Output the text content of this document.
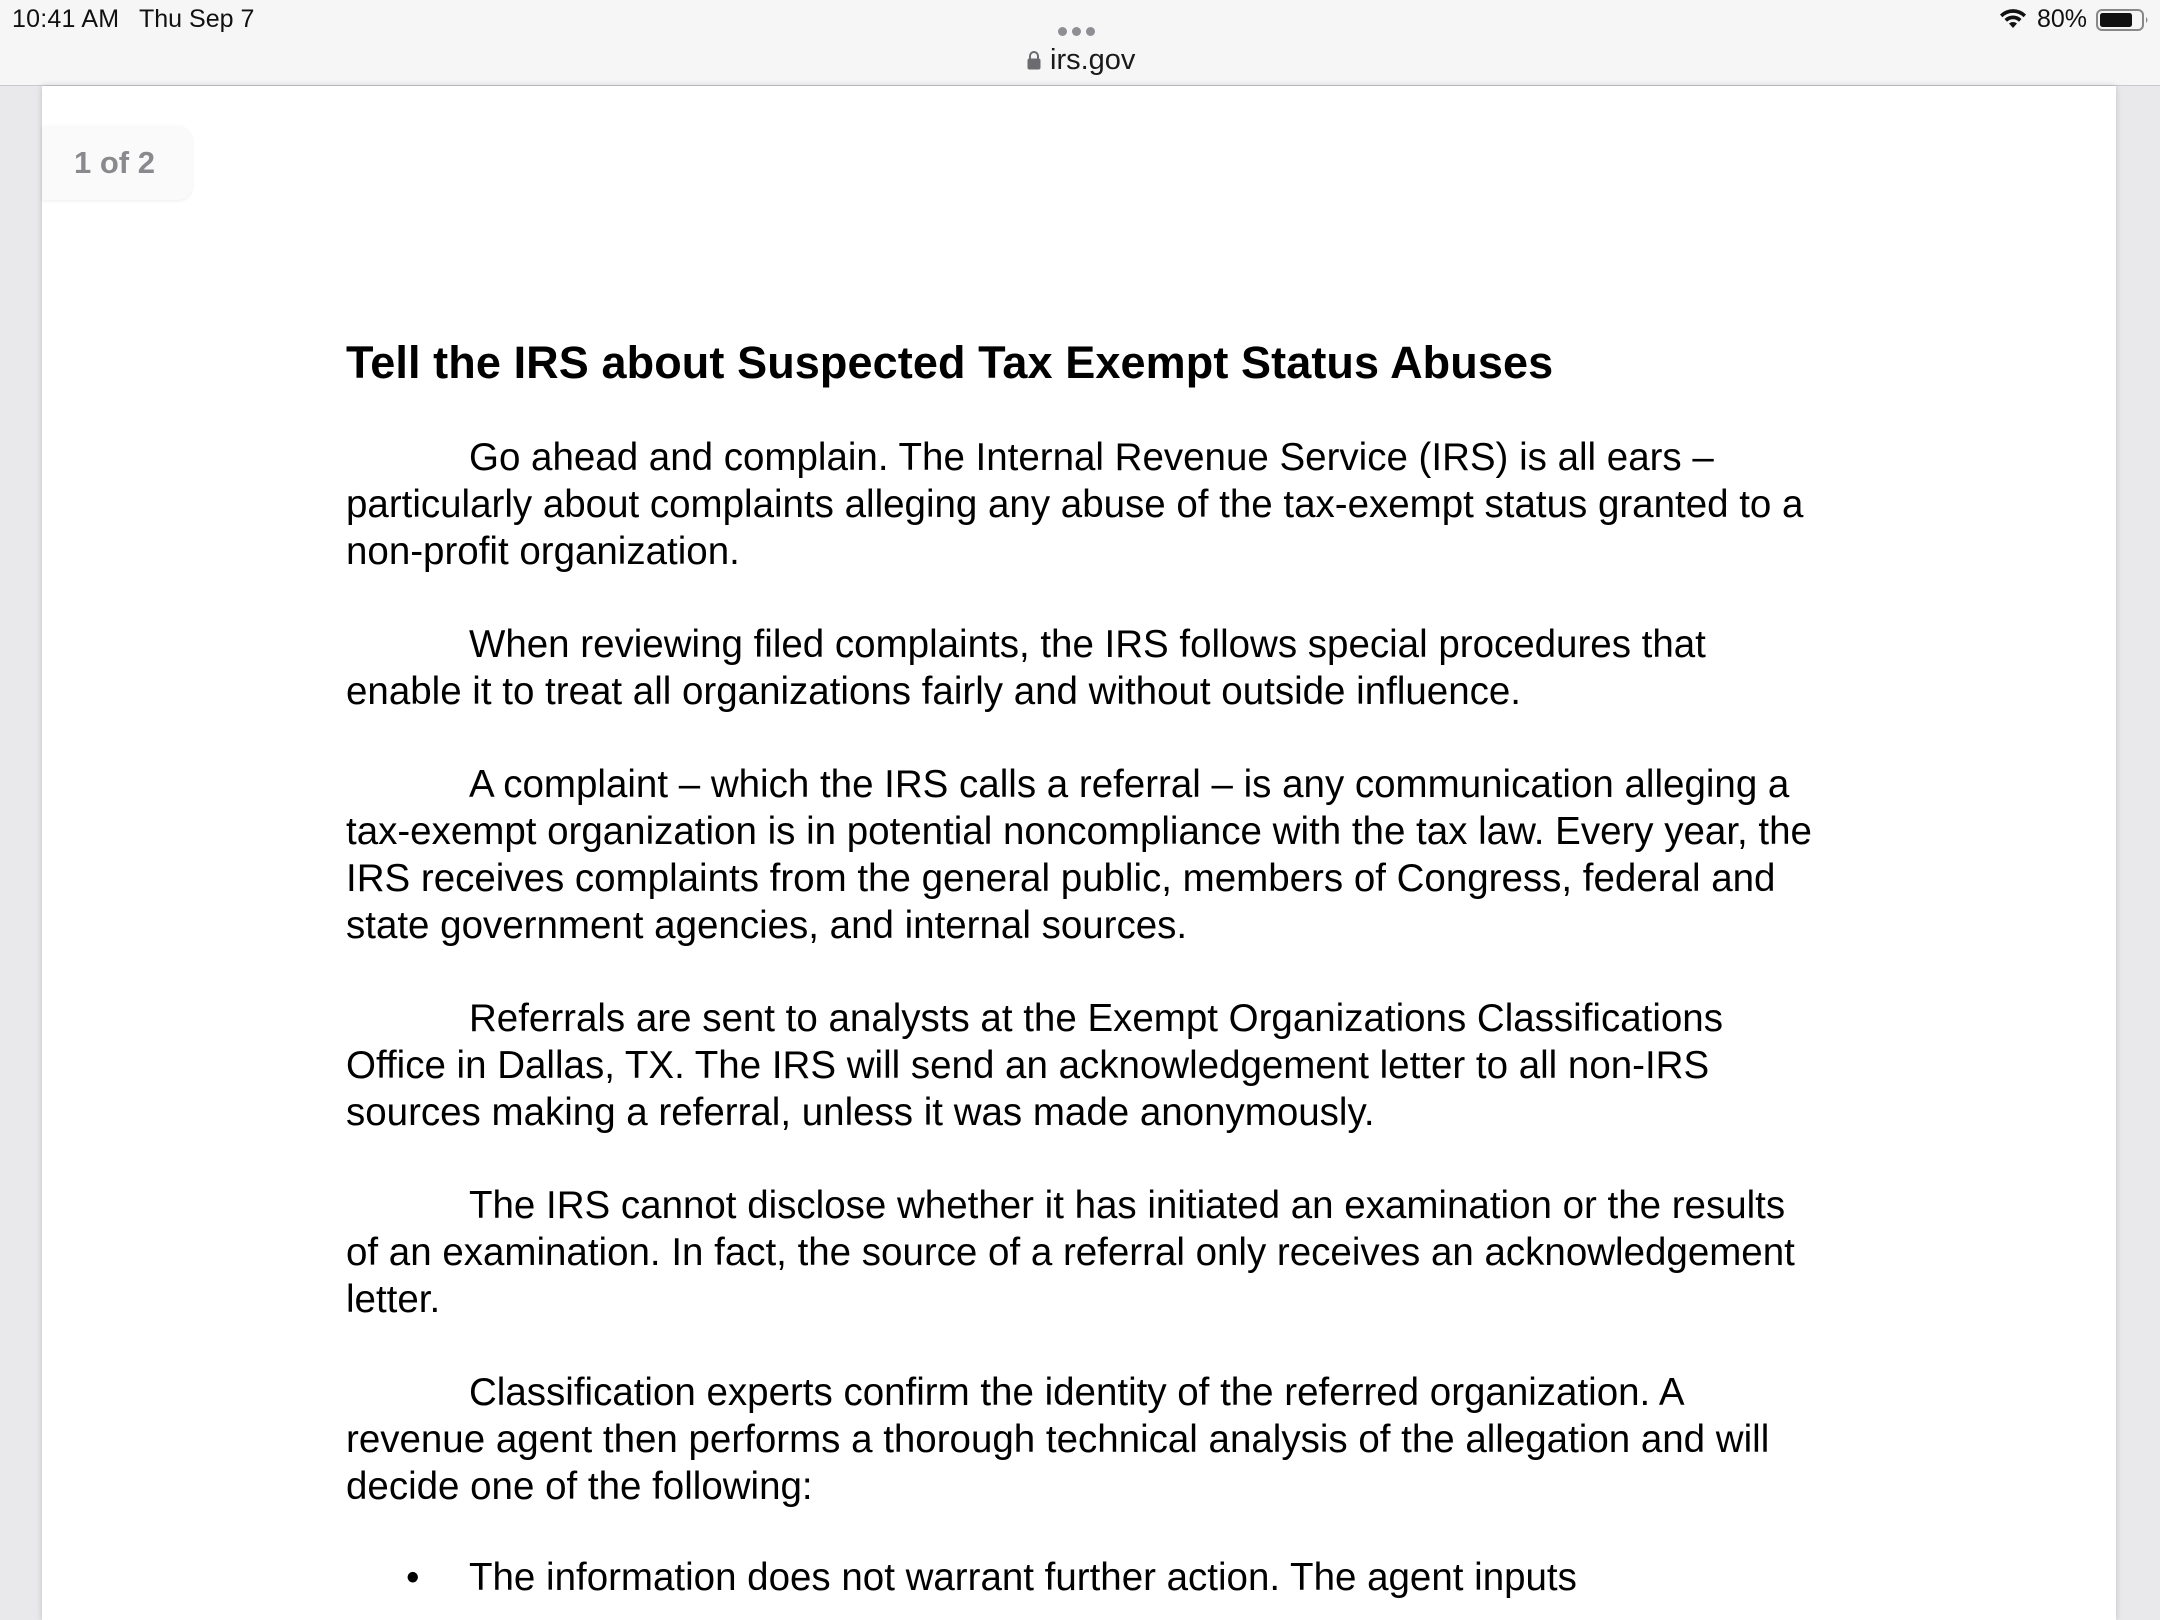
10:41 AM Thu Sep 7	80%
irs.gov
1 of 2
Tell the IRS about Suspected Tax Exempt Status Abuses

Go ahead and complain. The Internal Revenue Service (IRS) is all ears – particularly about complaints alleging any abuse of the tax-exempt status granted to a non-profit organization.

When reviewing filed complaints, the IRS follows special procedures that enable it to treat all organizations fairly and without outside influence.

A complaint – which the IRS calls a referral – is any communication alleging a tax-exempt organization is in potential noncompliance with the tax law. Every year, the IRS receives complaints from the general public, members of Congress, federal and state government agencies, and internal sources.

Referrals are sent to analysts at the Exempt Organizations Classifications Office in Dallas, TX. The IRS will send an acknowledgement letter to all non-IRS sources making a referral, unless it was made anonymously.

The IRS cannot disclose whether it has initiated an examination or the results of an examination. In fact, the source of a referral only receives an acknowledgement letter.

Classification experts confirm the identity of the referred organization. A revenue agent then performs a thorough technical analysis of the allegation and will decide one of the following:

• The information does not warrant further action. The agent inputs
